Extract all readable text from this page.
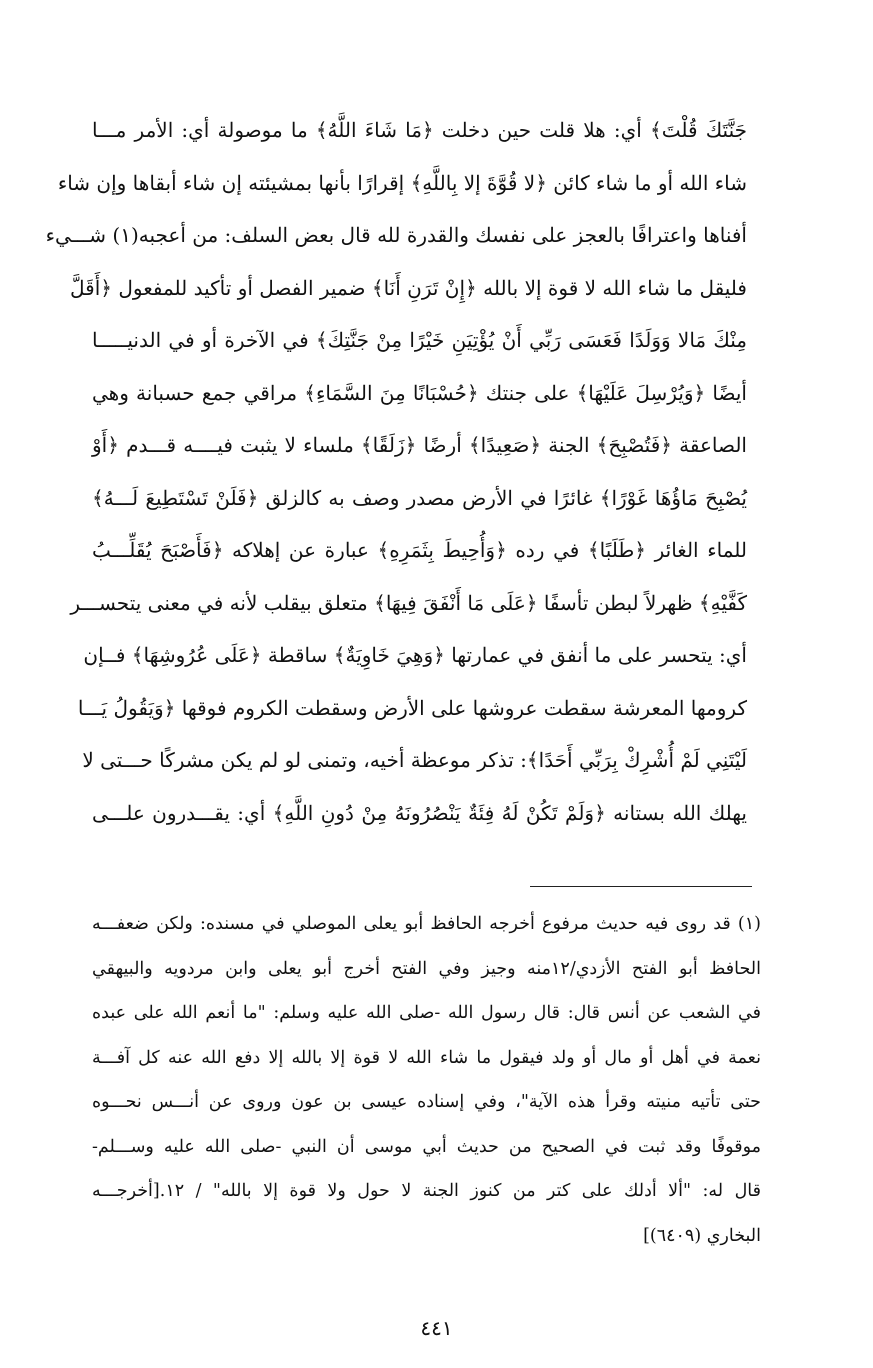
جَنَّتَكَ قُلْتَ﴾ أي: هلا قلت حين دخلت ﴿مَا شَاءَ اللَّهُ﴾ ما موصولة أي: الأمر مـــا
شاء الله أو ما شاء كائن ﴿لا قُوَّةَ إلا بِاللَّهِ﴾ إقرارًا بأنها بمشيئته إن شاء أبقاها وإن شاء
أفناها واعترافًا بالعجز على نفسك والقدرة لله قال بعض السلف: من أعجبه(١) شـــيء
فليقل ما شاء الله لا قوة إلا بالله ﴿إِنْ تَرَنِ أَنَا﴾ ضمير الفصل أو تأكيد للمفعول ﴿أَقَلَّ
مِنْكَ مَالا وَوَلَدًا فَعَسَى رَبِّي أَنْ يُؤْتِيَنِ خَيْرًا مِنْ جَنَّتِكَ﴾ في الآخرة أو في الدنيـــــا
أيضًا ﴿وَيُرْسِلَ عَلَيْهَا﴾ على جنتك ﴿حُسْبَانًا مِنَ السَّمَاءِ﴾ مراقي جمع حسبانة وهي
الصاعقة ﴿فَتُصْبِحَ﴾ الجنة ﴿صَعِيدًا﴾ أرضًا ﴿زَلَقًا﴾ ملساء لا يثبت فيــــه قـــدم ﴿أَوْ
يُصْبِحَ مَاؤُهَا غَوْرًا﴾ غائرًا في الأرض مصدر وصف به كالزلق ﴿فَلَنْ تَسْتَطِيعَ لَـــهُ﴾
للماء الغائر ﴿طَلَبًا﴾ في رده ﴿وَأُحِيطَ بِثَمَرِهِ﴾ عبارة عن إهلاكه ﴿فَأَصْبَحَ يُقَلِّـــبُ
كَفَّيْهِ﴾ ظهرلاً لبطن تأسفًا ﴿عَلَى مَا أَنْفَقَ فِيهَا﴾ متعلق بيقلب لأنه في معنى يتحســـر
أي: يتحسر على ما أنفق في عمارتها ﴿وَهِيَ خَاوِيَةٌ﴾ ساقطة ﴿عَلَى عُرُوشِهَا﴾ فــإن
كرومها المعرشة سقطت عروشها على الأرض وسقطت الكروم فوقها ﴿وَيَقُولُ يَـــا
لَيْتَنِي لَمْ أُشْرِكْ بِرَبِّي أَحَدًا﴾: تذكر موعظة أخيه، وتمنى لو لم يكن مشركًا حـــتى لا
يهلك الله بستانه ﴿وَلَمْ تَكُنْ لَهُ فِئَةٌ يَنْصُرُونَهُ مِنْ دُونِ اللَّهِ﴾ أي: يقـــدرون علـــى
(١) قد روى فيه حديث مرفوع أخرجه الحافظ أبو يعلى الموصلي في مسنده: ولكن ضعفـــه
الحافظ أبو الفتح الأزدي/١٢منه وجيز وفي الفتح أخرج أبو يعلى وابن مردويه والبيهقي
في الشعب عن أنس قال: قال رسول الله -صلى الله عليه وسلم: "ما أنعم الله على عبده
نعمة في أهل أو مال أو ولد فيقول ما شاء الله لا قوة إلا بالله إلا دفع الله عنه كل آفـــة
حتى تأتيه منيته وقرأ هذه الآية"، وفي إسناده عيسى بن عون وروى عن أنـــس نحـــوه
موقوفًا وقد ثبت في الصحيح من حديث أبي موسى أن النبي -صلى الله عليه وســـلم-
قال له: "ألا أدلك على كتر من كنوز الجنة لا حول ولا قوة إلا بالله" / ١٢.[أخرجـــه
البخاري (٦٤٠٩)]
٤٤١
